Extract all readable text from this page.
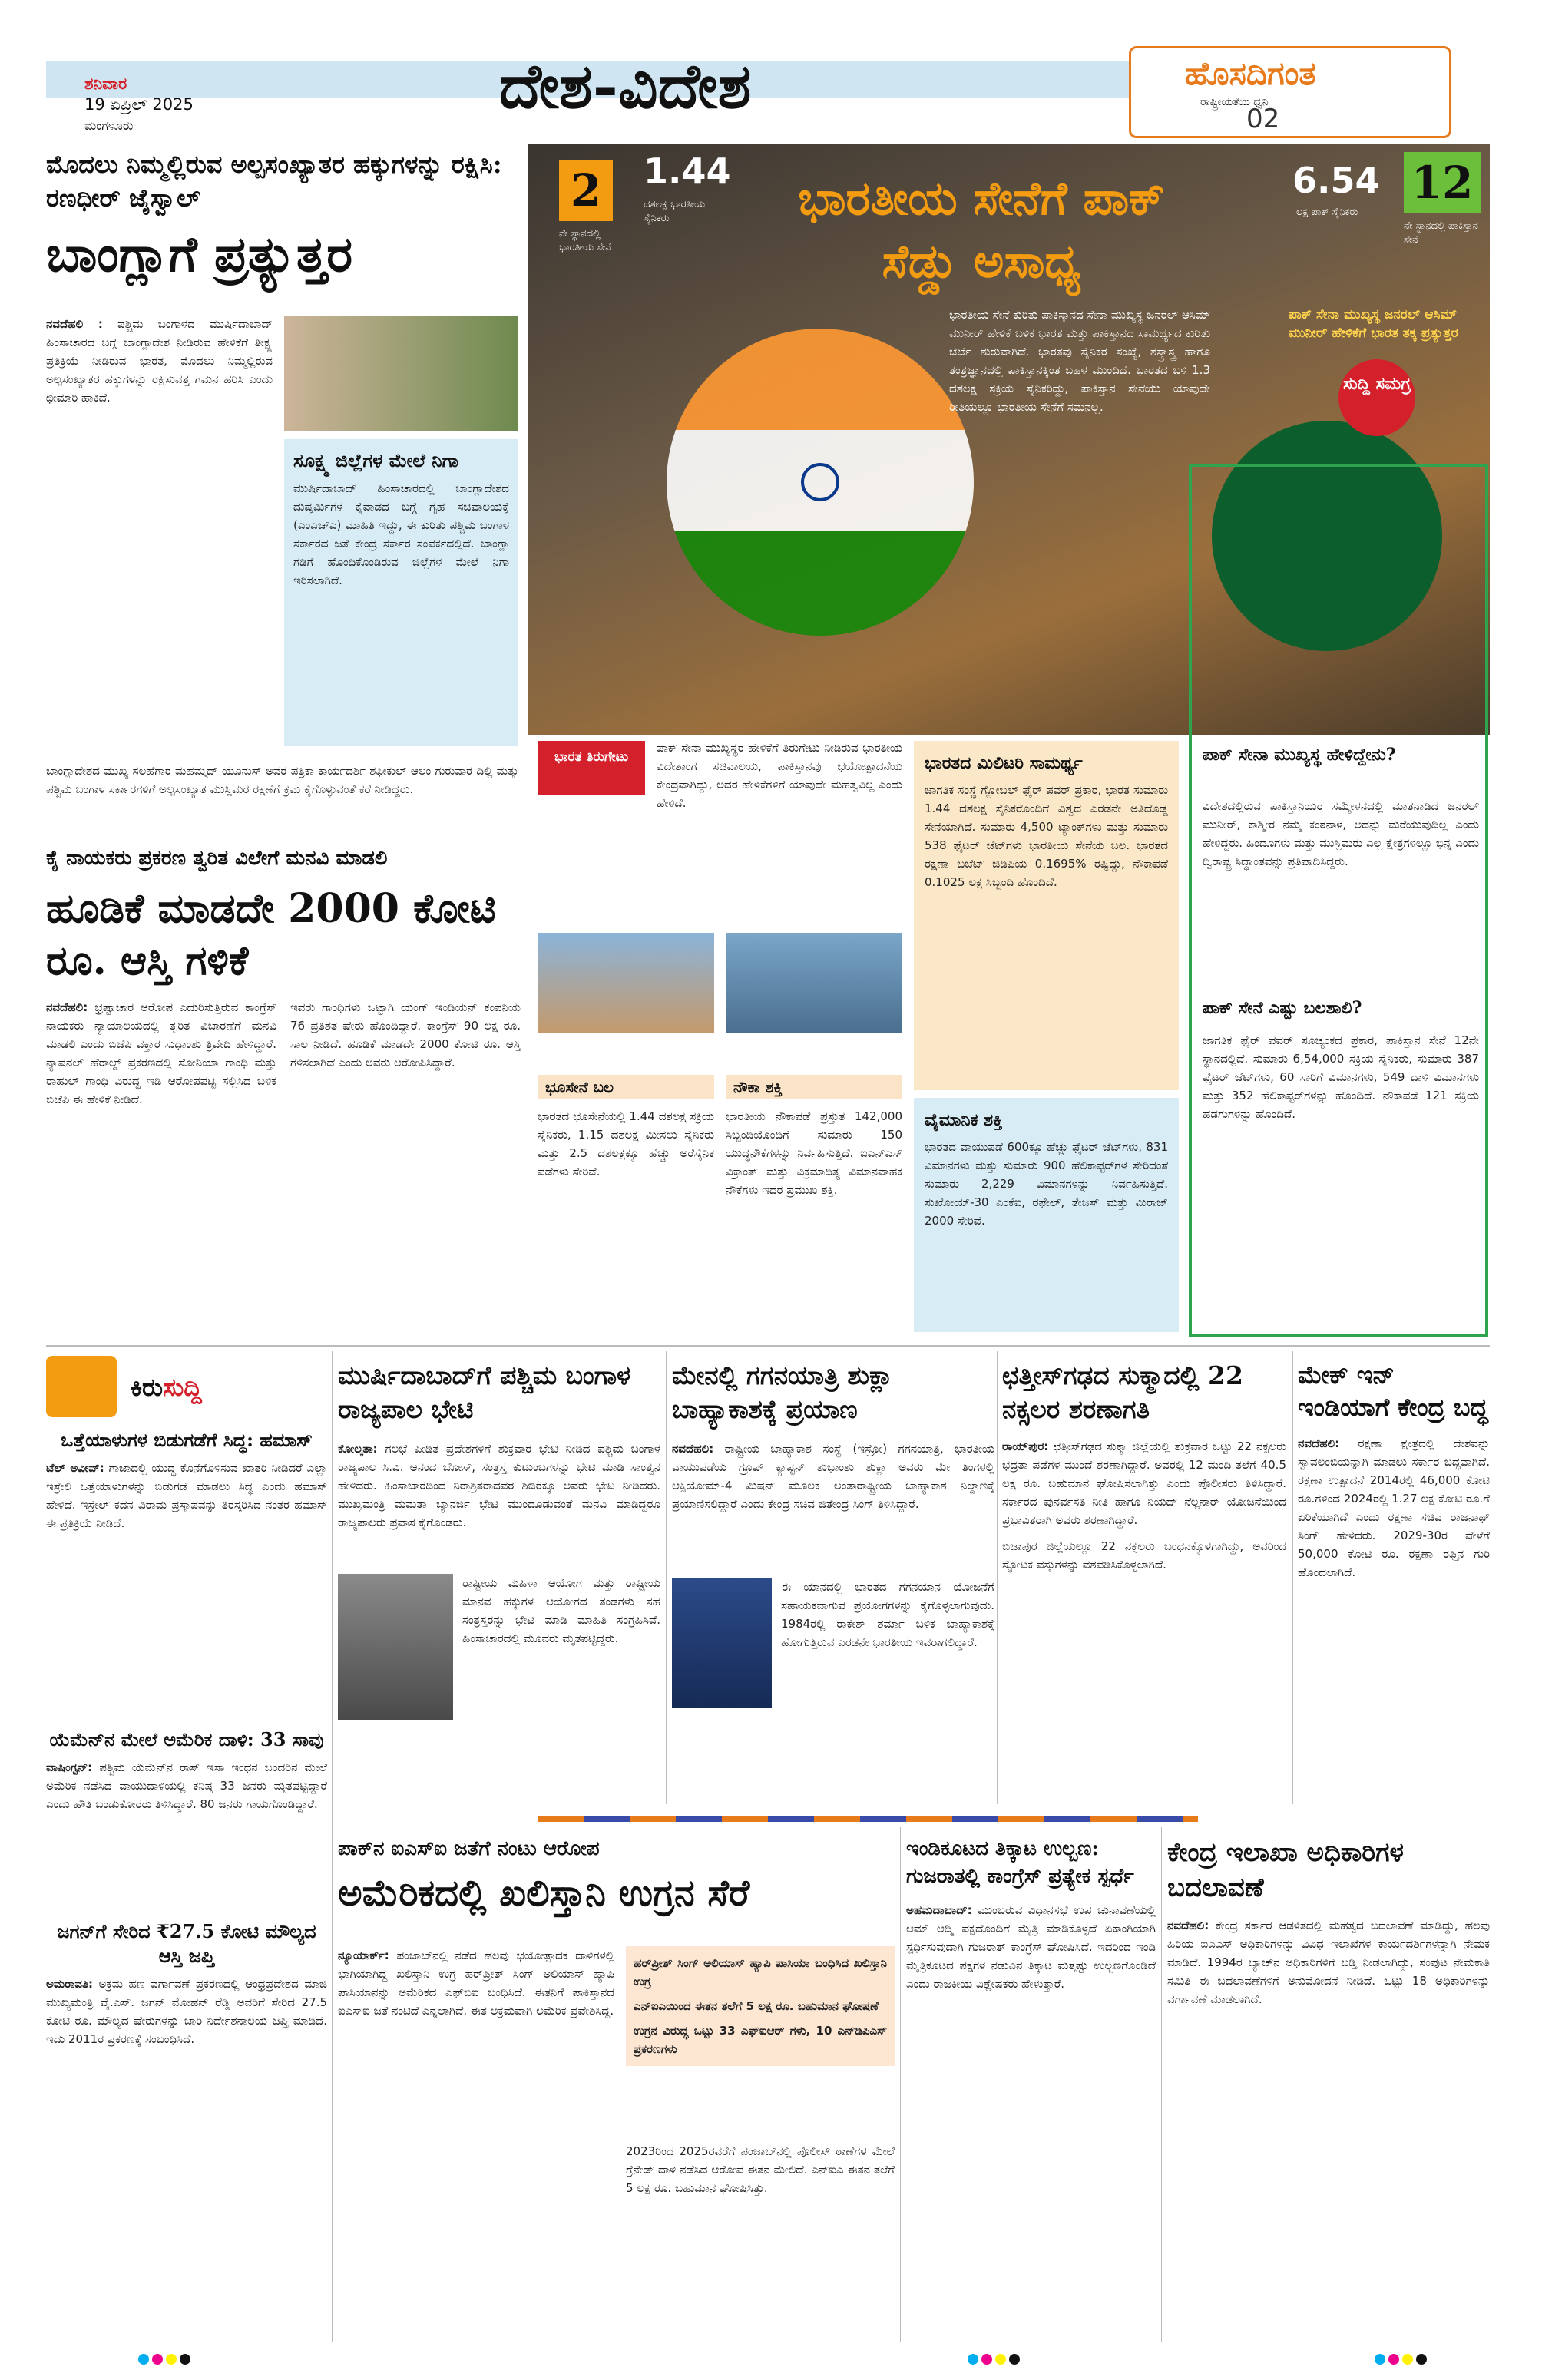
ಶನಿವಾರ
19 ಏಪ್ರಿಲ್ 2025
ಮಂಗಳೂರು
ದೇಶ-ವಿದೇಶ	ಹೊಸದಿಗಂತ
ರಾಷ್ಟ್ರೀಯತೆಯ ಧ್ವನಿ
02
ಮೊದಲು ನಿಮ್ಮಲ್ಲಿರುವ ಅಲ್ಪಸಂಖ್ಯಾತರ ಹಕ್ಕುಗಳನ್ನು ರಕ್ಷಿಸಿ: ರಣಧೀರ್ ಜೈಸ್ವಾಲ್
ಬಾಂಗ್ಲಾಗೆ ಪ್ರತ್ಯುತ್ತರ
ನವದೆಹಲಿ : ಪಶ್ಚಿಮ ಬಂಗಾಳದ ಮುರ್ಷಿದಾಬಾದ್ ಹಿಂಸಾಚಾರದ ಬಗ್ಗೆ ಬಾಂಗ್ಲಾದೇಶ ನೀಡಿರುವ ಹೇಳಿಕೆಗೆ ತೀಕ್ಷ್ಣ ಪ್ರತಿಕ್ರಿಯೆ ನೀಡಿರುವ ಭಾರತ, ಮೊದಲು ನಿಮ್ಮಲ್ಲಿರುವ ಅಲ್ಪಸಂಖ್ಯಾತರ ಹಕ್ಕುಗಳನ್ನು ರಕ್ಷಿಸುವತ್ತ ಗಮನ ಹರಿಸಿ ಎಂದು ಛೀಮಾರಿ ಹಾಕಿದೆ.
ಸೂಕ್ಷ್ಮ ಜಿಲ್ಲೆಗಳ ಮೇಲೆ ನಿಗಾ
ಮುರ್ಷಿದಾಬಾದ್ ಹಿಂಸಾಚಾರದಲ್ಲಿ ಬಾಂಗ್ಲಾದೇಶದ ದುಷ್ಕರ್ಮಿಗಳ ಕೈವಾಡದ ಬಗ್ಗೆ ಗೃಹ ಸಚಿವಾಲಯಕ್ಕೆ (ಎಂಎಚ್‌ಎ) ಮಾಹಿತಿ ಇದ್ದು, ಈ ಕುರಿತು ಪಶ್ಚಿಮ ಬಂಗಾಳ ಸರ್ಕಾರದ ಜತೆ ಕೇಂದ್ರ ಸರ್ಕಾರ ಸಂಪರ್ಕದಲ್ಲಿದೆ. ಬಾಂಗ್ಲಾ ಗಡಿಗೆ ಹೊಂದಿಕೊಂಡಿರುವ ಜಿಲ್ಲೆಗಳ ಮೇಲೆ ನಿಗಾ ಇರಿಸಲಾಗಿದೆ.
ಬಾಂಗ್ಲಾದೇಶದ ಮುಖ್ಯ ಸಲಹೆಗಾರ ಮಹಮ್ಮದ್ ಯೂನುಸ್ ಅವರ ಪತ್ರಿಕಾ ಕಾರ್ಯದರ್ಶಿ ಶಫೀಕುಲ್ ಆಲಂ ಗುರುವಾರ ದಿಲ್ಲಿ ಮತ್ತು ಪಶ್ಚಿಮ ಬಂಗಾಳ ಸರ್ಕಾರಗಳಿಗೆ ಅಲ್ಪಸಂಖ್ಯಾತ ಮುಸ್ಲಿಮರ ರಕ್ಷಣೆಗೆ ಕ್ರಮ ಕೈಗೊಳ್ಳುವಂತೆ ಕರೆ ನೀಡಿದ್ದರು.
2
ನೇ ಸ್ಥಾನದಲ್ಲಿ ಭಾರತೀಯ ಸೇನೆ
1.44
ದಶಲಕ್ಷ ಭಾರತೀಯ ಸೈನಿಕರು	ಭಾರತೀಯ ಸೇನೆಗೆ ಪಾಕ್ ಸೆಡ್ಡು ಅಸಾಧ್ಯ
6.54
ಲಕ್ಷ ಪಾಕ್ ಸೈನಿಕರು
12
ನೇ ಸ್ಥಾನದಲ್ಲಿ ಪಾಕಿಸ್ತಾನ ಸೇನೆ
ಭಾರತೀಯ ಸೇನೆ ಕುರಿತು ಪಾಕಿಸ್ತಾನದ ಸೇನಾ ಮುಖ್ಯಸ್ಥ ಜನರಲ್ ಆಸಿಮ್ ಮುನೀರ್ ಹೇಳಿಕೆ ಬಳಿಕ ಭಾರತ ಮತ್ತು ಪಾಕಿಸ್ತಾನದ ಸಾಮರ್ಥ್ಯದ ಕುರಿತು ಚರ್ಚೆ ಶುರುವಾಗಿದೆ. ಭಾರತವು ಸೈನಿಕರ ಸಂಖ್ಯೆ, ಶಸ್ತ್ರಾಸ್ತ್ರ ಹಾಗೂ ತಂತ್ರಜ್ಞಾನದಲ್ಲಿ ಪಾಕಿಸ್ತಾನಕ್ಕಿಂತ ಬಹಳ ಮುಂದಿದೆ. ಭಾರತದ ಬಳಿ 1.3 ದಶಲಕ್ಷ ಸಕ್ರಿಯ ಸೈನಿಕರಿದ್ದು, ಪಾಕಿಸ್ತಾನ ಸೇನೆಯು ಯಾವುದೇ ರೀತಿಯಲ್ಲೂ ಭಾರತೀಯ ಸೇನೆಗೆ ಸಮನಲ್ಲ.
ಪಾಕ್ ಸೇನಾ ಮುಖ್ಯಸ್ಥ ಜನರಲ್ ಆಸಿಮ್ ಮುನೀರ್ ಹೇಳಿಕೆಗೆ ಭಾರತ ತಕ್ಕ ಪ್ರತ್ಯುತ್ತರ
ಸುದ್ದಿ ಸಮಗ್ರ
ಪಾಕ್ ಸೇನಾ ಮುಖ್ಯಸ್ಥ ಹೇಳಿದ್ದೇನು?
ವಿದೇಶದಲ್ಲಿರುವ ಪಾಕಿಸ್ತಾನಿಯರ ಸಮ್ಮೇಳನದಲ್ಲಿ ಮಾತನಾಡಿದ ಜನರಲ್ ಮುನೀರ್, ಕಾಶ್ಮೀರ ನಮ್ಮ ಕಂಠನಾಳ, ಅದನ್ನು ಮರೆಯುವುದಿಲ್ಲ ಎಂದು ಹೇಳಿದ್ದರು. ಹಿಂದೂಗಳು ಮತ್ತು ಮುಸ್ಲಿಮರು ಎಲ್ಲ ಕ್ಷೇತ್ರಗಳಲ್ಲೂ ಭಿನ್ನ ಎಂದು ದ್ವಿರಾಷ್ಟ್ರ ಸಿದ್ಧಾಂತವನ್ನು ಪ್ರತಿಪಾದಿಸಿದ್ದರು.
ಪಾಕ್ ಸೇನೆ ಎಷ್ಟು ಬಲಶಾಲಿ?
ಜಾಗತಿಕ ಫೈರ್ ಪವರ್ ಸೂಚ್ಯಂಕದ ಪ್ರಕಾರ, ಪಾಕಿಸ್ತಾನ ಸೇನೆ 12ನೇ ಸ್ಥಾನದಲ್ಲಿದೆ. ಸುಮಾರು 6,54,000 ಸಕ್ರಿಯ ಸೈನಿಕರು, ಸುಮಾರು 387 ಫೈಟರ್ ಜೆಟ್‌ಗಳು, 60 ಸಾರಿಗೆ ವಿಮಾನಗಳು, 549 ದಾಳಿ ವಿಮಾನಗಳು ಮತ್ತು 352 ಹೆಲಿಕಾಪ್ಟರ್‌ಗಳನ್ನು ಹೊಂದಿದೆ. ನೌಕಾಪಡೆ 121 ಸಕ್ರಿಯ ಹಡಗುಗಳನ್ನು ಹೊಂದಿದೆ.
ಭಾರತ ತಿರುಗೇಟು
ಪಾಕ್ ಸೇನಾ ಮುಖ್ಯಸ್ಥರ ಹೇಳಿಕೆಗೆ ತಿರುಗೇಟು ನೀಡಿರುವ ಭಾರತೀಯ ವಿದೇಶಾಂಗ ಸಚಿವಾಲಯ, ಪಾಕಿಸ್ತಾನವು ಭಯೋತ್ಪಾದನೆಯ ಕೇಂದ್ರವಾಗಿದ್ದು, ಅದರ ಹೇಳಿಕೆಗಳಿಗೆ ಯಾವುದೇ ಮಹತ್ವವಿಲ್ಲ ಎಂದು ಹೇಳಿದೆ.
ಭೂಸೇನೆ ಬಲ
ಭಾರತದ ಭೂಸೇನೆಯಲ್ಲಿ 1.44 ದಶಲಕ್ಷ ಸಕ್ರಿಯ ಸೈನಿಕರು, 1.15 ದಶಲಕ್ಷ ಮೀಸಲು ಸೈನಿಕರು ಮತ್ತು 2.5 ದಶಲಕ್ಷಕ್ಕೂ ಹೆಚ್ಚು ಅರೆಸೈನಿಕ ಪಡೆಗಳು ಸೇರಿವೆ.
ನೌಕಾ ಶಕ್ತಿ
ಭಾರತೀಯ ನೌಕಾಪಡೆ ಪ್ರಸ್ತುತ 142,000 ಸಿಬ್ಬಂದಿಯೊಂದಿಗೆ ಸುಮಾರು 150 ಯುದ್ಧನೌಕೆಗಳನ್ನು ನಿರ್ವಹಿಸುತ್ತಿದೆ. ಐಎನ್‌ಎಸ್ ವಿಕ್ರಾಂತ್ ಮತ್ತು ವಿಕ್ರಮಾದಿತ್ಯ ವಿಮಾನವಾಹಕ ನೌಕೆಗಳು ಇದರ ಪ್ರಮುಖ ಶಕ್ತಿ.
ಭಾರತದ ಮಿಲಿಟರಿ ಸಾಮರ್ಥ್ಯ
ಜಾಗತಿಕ ಸಂಸ್ಥೆ ಗ್ಲೋಬಲ್ ಫೈರ್ ಪವರ್ ಪ್ರಕಾರ, ಭಾರತ ಸುಮಾರು 1.44 ದಶಲಕ್ಷ ಸೈನಿಕರೊಂದಿಗೆ ವಿಶ್ವದ ಎರಡನೇ ಅತಿದೊಡ್ಡ ಸೇನೆಯಾಗಿದೆ. ಸುಮಾರು 4,500 ಟ್ಯಾಂಕ್‌ಗಳು ಮತ್ತು ಸುಮಾರು 538 ಫೈಟರ್ ಜೆಟ್‌ಗಳು ಭಾರತೀಯ ಸೇನೆಯ ಬಲ. ಭಾರತದ ರಕ್ಷಣಾ ಬಜೆಟ್ ಜಿಡಿಪಿಯ 0.1695% ರಷ್ಟಿದ್ದು, ನೌಕಾಪಡೆ 0.1025 ಲಕ್ಷ ಸಿಬ್ಬಂದಿ ಹೊಂದಿದೆ.
ವೈಮಾನಿಕ ಶಕ್ತಿ
ಭಾರತದ ವಾಯುಪಡೆ 600ಕ್ಕೂ ಹೆಚ್ಚು ಫೈಟರ್ ಜೆಟ್‌ಗಳು, 831 ವಿಮಾನಗಳು ಮತ್ತು ಸುಮಾರು 900 ಹೆಲಿಕಾಪ್ಟರ್‌ಗಳ ಸೇರಿದಂತೆ ಸುಮಾರು 2,229 ವಿಮಾನಗಳನ್ನು ನಿರ್ವಹಿಸುತ್ತಿದೆ. ಸುಖೋಯ್-30 ಎಂಕೆಐ, ರಫೇಲ್, ತೇಜಸ್ ಮತ್ತು ಮಿರಾಜ್ 2000 ಸೇರಿವೆ.
ಕೈ ನಾಯಕರು ಪ್ರಕರಣ ತ್ವರಿತ ವಿಲೇಗೆ ಮನವಿ ಮಾಡಲಿ
ಹೂಡಿಕೆ ಮಾಡದೇ 2000 ಕೋಟಿ ರೂ. ಆಸ್ತಿ ಗಳಿಕೆ
ನವದೆಹಲಿ: ಭ್ರಷ್ಟಾಚಾರ ಆರೋಪ ಎದುರಿಸುತ್ತಿರುವ ಕಾಂಗ್ರೆಸ್ ನಾಯಕರು ನ್ಯಾಯಾಲಯದಲ್ಲಿ ತ್ವರಿತ ವಿಚಾರಣೆಗೆ ಮನವಿ ಮಾಡಲಿ ಎಂದು ಬಿಜೆಪಿ ವಕ್ತಾರ ಸುಧಾಂಶು ತ್ರಿವೇದಿ ಹೇಳಿದ್ದಾರೆ. ನ್ಯಾಷನಲ್ ಹೆರಾಲ್ಡ್ ಪ್ರಕರಣದಲ್ಲಿ ಸೋನಿಯಾ ಗಾಂಧಿ ಮತ್ತು ರಾಹುಲ್ ಗಾಂಧಿ ವಿರುದ್ಧ ಇಡಿ ಆರೋಪಪಟ್ಟಿ ಸಲ್ಲಿಸಿದ ಬಳಿಕ ಬಿಜೆಪಿ ಈ ಹೇಳಿಕೆ ನೀಡಿದೆ.
ಇವರು ಗಾಂಧಿಗಳು ಒಟ್ಟಾಗಿ ಯಂಗ್ ಇಂಡಿಯನ್ ಕಂಪನಿಯ 76 ಪ್ರತಿಶತ ಷೇರು ಹೊಂದಿದ್ದಾರೆ. ಕಾಂಗ್ರೆಸ್ 90 ಲಕ್ಷ ರೂ. ಸಾಲ ನೀಡಿದೆ. ಹೂಡಿಕೆ ಮಾಡದೇ 2000 ಕೋಟಿ ರೂ. ಆಸ್ತಿ ಗಳಿಸಲಾಗಿದೆ ಎಂದು ಅವರು ಆರೋಪಿಸಿದ್ದಾರೆ.
ಕಿರುಸುದ್ದಿ
ಒತ್ತೆಯಾಳುಗಳ ಬಿಡುಗಡೆಗೆ ಸಿದ್ಧ: ಹಮಾಸ್
ಟೆಲ್ ಅವೀವ್: ಗಾಜಾದಲ್ಲಿ ಯುದ್ಧ ಕೊನೆಗೊಳಿಸುವ ಖಾತರಿ ನೀಡಿದರೆ ಎಲ್ಲಾ ಇಸ್ರೇಲಿ ಒತ್ತೆಯಾಳುಗಳನ್ನು ಬಿಡುಗಡೆ ಮಾಡಲು ಸಿದ್ಧ ಎಂದು ಹಮಾಸ್ ಹೇಳಿದೆ. ಇಸ್ರೇಲ್ ಕದನ ವಿರಾಮ ಪ್ರಸ್ತಾಪವನ್ನು ತಿರಸ್ಕರಿಸಿದ ನಂತರ ಹಮಾಸ್ ಈ ಪ್ರತಿಕ್ರಿಯೆ ನೀಡಿದೆ.
ಯೆಮೆನ್‌ನ ಮೇಲೆ ಅಮೆರಿಕ ದಾಳಿ: 33 ಸಾವು
ವಾಷಿಂಗ್ಟನ್: ಪಶ್ಚಿಮ ಯೆಮೆನ್‌ನ ರಾಸ್ ಇಸಾ ಇಂಧನ ಬಂದರಿನ ಮೇಲೆ ಅಮೆರಿಕ ನಡೆಸಿದ ವಾಯುದಾಳಿಯಲ್ಲಿ ಕನಿಷ್ಠ 33 ಜನರು ಮೃತಪಟ್ಟಿದ್ದಾರೆ ಎಂದು ಹೌತಿ ಬಂಡುಕೋರರು ತಿಳಿಸಿದ್ದಾರೆ. 80 ಜನರು ಗಾಯಗೊಂಡಿದ್ದಾರೆ.
ಜಗನ್‌ಗೆ ಸೇರಿದ ₹27.5 ಕೋಟಿ ಮೌಲ್ಯದ ಆಸ್ತಿ ಜಪ್ತಿ
ಅಮರಾವತಿ: ಅಕ್ರಮ ಹಣ ವರ್ಗಾವಣೆ ಪ್ರಕರಣದಲ್ಲಿ ಆಂಧ್ರಪ್ರದೇಶದ ಮಾಜಿ ಮುಖ್ಯಮಂತ್ರಿ ವೈ.ಎಸ್. ಜಗನ್ ಮೋಹನ್ ರೆಡ್ಡಿ ಅವರಿಗೆ ಸೇರಿದ 27.5 ಕೋಟಿ ರೂ. ಮೌಲ್ಯದ ಷೇರುಗಳನ್ನು ಜಾರಿ ನಿರ್ದೇಶನಾಲಯ ಜಪ್ತಿ ಮಾಡಿದೆ. ಇದು 2011ರ ಪ್ರಕರಣಕ್ಕೆ ಸಂಬಂಧಿಸಿದೆ.
ಮುರ್ಷಿದಾಬಾದ್‌ಗೆ ಪಶ್ಚಿಮ ಬಂಗಾಳ ರಾಜ್ಯಪಾಲ ಭೇಟಿ
ಕೋಲ್ಕತಾ: ಗಲಭೆ ಪೀಡಿತ ಪ್ರದೇಶಗಳಿಗೆ ಶುಕ್ರವಾರ ಭೇಟಿ ನೀಡಿದ ಪಶ್ಚಿಮ ಬಂಗಾಳ ರಾಜ್ಯಪಾಲ ಸಿ.ವಿ. ಆನಂದ ಬೋಸ್, ಸಂತ್ರಸ್ತ ಕುಟುಂಬಗಳನ್ನು ಭೇಟಿ ಮಾಡಿ ಸಾಂತ್ವನ ಹೇಳಿದರು. ಹಿಂಸಾಚಾರದಿಂದ ನಿರಾಶ್ರಿತರಾದವರ ಶಿಬಿರಕ್ಕೂ ಅವರು ಭೇಟಿ ನೀಡಿದರು. ಮುಖ್ಯಮಂತ್ರಿ ಮಮತಾ ಬ್ಯಾನರ್ಜಿ ಭೇಟಿ ಮುಂದೂಡುವಂತೆ ಮನವಿ ಮಾಡಿದ್ದರೂ ರಾಜ್ಯಪಾಲರು ಪ್ರವಾಸ ಕೈಗೊಂಡರು.
ರಾಷ್ಟ್ರೀಯ ಮಹಿಳಾ ಆಯೋಗ ಮತ್ತು ರಾಷ್ಟ್ರೀಯ ಮಾನವ ಹಕ್ಕುಗಳ ಆಯೋಗದ ತಂಡಗಳು ಸಹ ಸಂತ್ರಸ್ತರನ್ನು ಭೇಟಿ ಮಾಡಿ ಮಾಹಿತಿ ಸಂಗ್ರಹಿಸಿವೆ. ಹಿಂಸಾಚಾರದಲ್ಲಿ ಮೂವರು ಮೃತಪಟ್ಟಿದ್ದರು.
ಮೇನಲ್ಲಿ ಗಗನಯಾತ್ರಿ ಶುಕ್ಲಾ ಬಾಹ್ಯಾಕಾಶಕ್ಕೆ ಪ್ರಯಾಣ
ನವದೆಹಲಿ: ರಾಷ್ಟ್ರೀಯ ಬಾಹ್ಯಾಕಾಶ ಸಂಸ್ಥೆ (ಇಸ್ರೋ) ಗಗನಯಾತ್ರಿ, ಭಾರತೀಯ ವಾಯುಪಡೆಯ ಗ್ರೂಪ್ ಕ್ಯಾಪ್ಟನ್ ಶುಭಾಂಶು ಶುಕ್ಲಾ ಅವರು ಮೇ ತಿಂಗಳಲ್ಲಿ ಆಕ್ಸಿಯೋಮ್-4 ಮಿಷನ್ ಮೂಲಕ ಅಂತಾರಾಷ್ಟ್ರೀಯ ಬಾಹ್ಯಾಕಾಶ ನಿಲ್ದಾಣಕ್ಕೆ ಪ್ರಯಾಣಿಸಲಿದ್ದಾರೆ ಎಂದು ಕೇಂದ್ರ ಸಚಿವ ಜಿತೇಂದ್ರ ಸಿಂಗ್ ತಿಳಿಸಿದ್ದಾರೆ.
ಈ ಯಾನದಲ್ಲಿ ಭಾರತದ ಗಗನಯಾನ ಯೋಜನೆಗೆ ಸಹಾಯಕವಾಗುವ ಪ್ರಯೋಗಗಳನ್ನು ಕೈಗೊಳ್ಳಲಾಗುವುದು. 1984ರಲ್ಲಿ ರಾಕೇಶ್ ಶರ್ಮಾ ಬಳಿಕ ಬಾಹ್ಯಾಕಾಶಕ್ಕೆ ಹೋಗುತ್ತಿರುವ ಎರಡನೇ ಭಾರತೀಯ ಇವರಾಗಲಿದ್ದಾರೆ.
ಛತ್ತೀಸ್‌ಗಢದ ಸುಕ್ಮಾದಲ್ಲಿ 22 ನಕ್ಸಲರ ಶರಣಾಗತಿ
ರಾಯ್‌ಪುರ: ಛತ್ತೀಸ್‌ಗಢದ ಸುಕ್ಮಾ ಜಿಲ್ಲೆಯಲ್ಲಿ ಶುಕ್ರವಾರ ಒಟ್ಟು 22 ನಕ್ಸಲರು ಭದ್ರತಾ ಪಡೆಗಳ ಮುಂದೆ ಶರಣಾಗಿದ್ದಾರೆ. ಅವರಲ್ಲಿ 12 ಮಂದಿ ತಲೆಗೆ 40.5 ಲಕ್ಷ ರೂ. ಬಹುಮಾನ ಘೋಷಿಸಲಾಗಿತ್ತು ಎಂದು ಪೊಲೀಸರು ತಿಳಿಸಿದ್ದಾರೆ. ಸರ್ಕಾರದ ಪುನರ್ವಸತಿ ನೀತಿ ಹಾಗೂ ನಿಯದ್ ನೆಲ್ಲನಾರ್ ಯೋಜನೆಯಿಂದ ಪ್ರಭಾವಿತರಾಗಿ ಅವರು ಶರಣಾಗಿದ್ದಾರೆ.
ಬಿಜಾಪುರ ಜಿಲ್ಲೆಯಲ್ಲೂ 22 ನಕ್ಸಲರು ಬಂಧನಕ್ಕೊಳಗಾಗಿದ್ದು, ಅವರಿಂದ ಸ್ಫೋಟಕ ವಸ್ತುಗಳನ್ನು ವಶಪಡಿಸಿಕೊಳ್ಳಲಾಗಿದೆ.
ಮೇಕ್ ಇನ್ ಇಂಡಿಯಾಗೆ ಕೇಂದ್ರ ಬದ್ಧ
ನವದೆಹಲಿ: ರಕ್ಷಣಾ ಕ್ಷೇತ್ರದಲ್ಲಿ ದೇಶವನ್ನು ಸ್ವಾವಲಂಬಿಯನ್ನಾಗಿ ಮಾಡಲು ಸರ್ಕಾರ ಬದ್ಧವಾಗಿದೆ. ರಕ್ಷಣಾ ಉತ್ಪಾದನೆ 2014ರಲ್ಲಿ 46,000 ಕೋಟಿ ರೂ.ಗಳಿಂದ 2024ರಲ್ಲಿ 1.27 ಲಕ್ಷ ಕೋಟಿ ರೂ.ಗೆ ಏರಿಕೆಯಾಗಿದೆ ಎಂದು ರಕ್ಷಣಾ ಸಚಿವ ರಾಜನಾಥ್ ಸಿಂಗ್ ಹೇಳಿದರು. 2029-30ರ ವೇಳೆಗೆ 50,000 ಕೋಟಿ ರೂ. ರಕ್ಷಣಾ ರಫ್ತಿನ ಗುರಿ ಹೊಂದಲಾಗಿದೆ.
ಪಾಕ್‌ನ ಐಎಸ್‌ಐ ಜತೆಗೆ ನಂಟು ಆರೋಪ
ಅಮೆರಿಕದಲ್ಲಿ ಖಲಿಸ್ತಾನಿ ಉಗ್ರನ ಸೆರೆ
ನ್ಯೂಯಾರ್ಕ್: ಪಂಜಾಬ್‌ನಲ್ಲಿ ನಡೆದ ಹಲವು ಭಯೋತ್ಪಾದಕ ದಾಳಿಗಳಲ್ಲಿ ಭಾಗಿಯಾಗಿದ್ದ ಖಲಿಸ್ತಾನಿ ಉಗ್ರ ಹರ್‌ಪ್ರೀತ್ ಸಿಂಗ್ ಅಲಿಯಾಸ್ ಹ್ಯಾಪಿ ಪಾಸಿಯಾನನ್ನು ಅಮೆರಿಕದ ಎಫ್‌ಬಿಐ ಬಂಧಿಸಿದೆ. ಈತನಿಗೆ ಪಾಕಿಸ್ತಾನದ ಐಎಸ್‌ಐ ಜತೆ ನಂಟಿದೆ ಎನ್ನಲಾಗಿದೆ. ಈತ ಅಕ್ರಮವಾಗಿ ಅಮೆರಿಕ ಪ್ರವೇಶಿಸಿದ್ದ.
ಹರ್‌ಪ್ರೀತ್ ಸಿಂಗ್ ಅಲಿಯಾಸ್ ಹ್ಯಾಪಿ ಪಾಸಿಯಾ ಬಂಧಿಸಿದ ಖಲಿಸ್ತಾನಿ ಉಗ್ರ
ಎನ್‌ಐಎಯಿಂದ ಈತನ ತಲೆಗೆ 5 ಲಕ್ಷ ರೂ. ಬಹುಮಾನ ಘೋಷಣೆ
ಉಗ್ರನ ವಿರುದ್ಧ ಒಟ್ಟು 33 ಎಫ್‌ಐಆರ್ ಗಳು, 10 ಎನ್‌ಡಿಪಿಎಸ್ ಪ್ರಕರಣಗಳು
2023ರಿಂದ 2025ರವರೆಗೆ ಪಂಜಾಬ್‌ನಲ್ಲಿ ಪೊಲೀಸ್ ಠಾಣೆಗಳ ಮೇಲೆ ಗ್ರೆನೇಡ್ ದಾಳಿ ನಡೆಸಿದ ಆರೋಪ ಈತನ ಮೇಲಿದೆ. ಎನ್‌ಐಎ ಈತನ ತಲೆಗೆ 5 ಲಕ್ಷ ರೂ. ಬಹುಮಾನ ಘೋಷಿಸಿತ್ತು.
ಇಂಡಿಕೂಟದ ತಿಕ್ಕಾಟ ಉಲ್ಬಣ: ಗುಜರಾತಲ್ಲಿ ಕಾಂಗ್ರೆಸ್ ಪ್ರತ್ಯೇಕ ಸ್ಪರ್ಧೆ
ಅಹಮದಾಬಾದ್: ಮುಂಬರುವ ವಿಧಾನಸಭೆ ಉಪ ಚುನಾವಣೆಯಲ್ಲಿ ಆಮ್ ಆದ್ಮಿ ಪಕ್ಷದೊಂದಿಗೆ ಮೈತ್ರಿ ಮಾಡಿಕೊಳ್ಳದೆ ಏಕಾಂಗಿಯಾಗಿ ಸ್ಪರ್ಧಿಸುವುದಾಗಿ ಗುಜರಾತ್ ಕಾಂಗ್ರೆಸ್ ಘೋಷಿಸಿದೆ. ಇದರಿಂದ ಇಂಡಿ ಮೈತ್ರಿಕೂಟದ ಪಕ್ಷಗಳ ನಡುವಿನ ತಿಕ್ಕಾಟ ಮತ್ತಷ್ಟು ಉಲ್ಬಣಗೊಂಡಿದೆ ಎಂದು ರಾಜಕೀಯ ವಿಶ್ಲೇಷಕರು ಹೇಳುತ್ತಾರೆ.
ಕೇಂದ್ರ ಇಲಾಖಾ ಅಧಿಕಾರಿಗಳ ಬದಲಾವಣೆ
ನವದೆಹಲಿ: ಕೇಂದ್ರ ಸರ್ಕಾರ ಆಡಳಿತದಲ್ಲಿ ಮಹತ್ವದ ಬದಲಾವಣೆ ಮಾಡಿದ್ದು, ಹಲವು ಹಿರಿಯ ಐಎಎಸ್ ಅಧಿಕಾರಿಗಳನ್ನು ವಿವಿಧ ಇಲಾಖೆಗಳ ಕಾರ್ಯದರ್ಶಿಗಳನ್ನಾಗಿ ನೇಮಕ ಮಾಡಿದೆ. 1994ರ ಬ್ಯಾಚ್‌ನ ಅಧಿಕಾರಿಗಳಿಗೆ ಬಡ್ತಿ ನೀಡಲಾಗಿದ್ದು, ಸಂಪುಟ ನೇಮಕಾತಿ ಸಮಿತಿ ಈ ಬದಲಾವಣೆಗಳಿಗೆ ಅನುಮೋದನೆ ನೀಡಿದೆ. ಒಟ್ಟು 18 ಅಧಿಕಾರಿಗಳನ್ನು ವರ್ಗಾವಣೆ ಮಾಡಲಾಗಿದೆ.
